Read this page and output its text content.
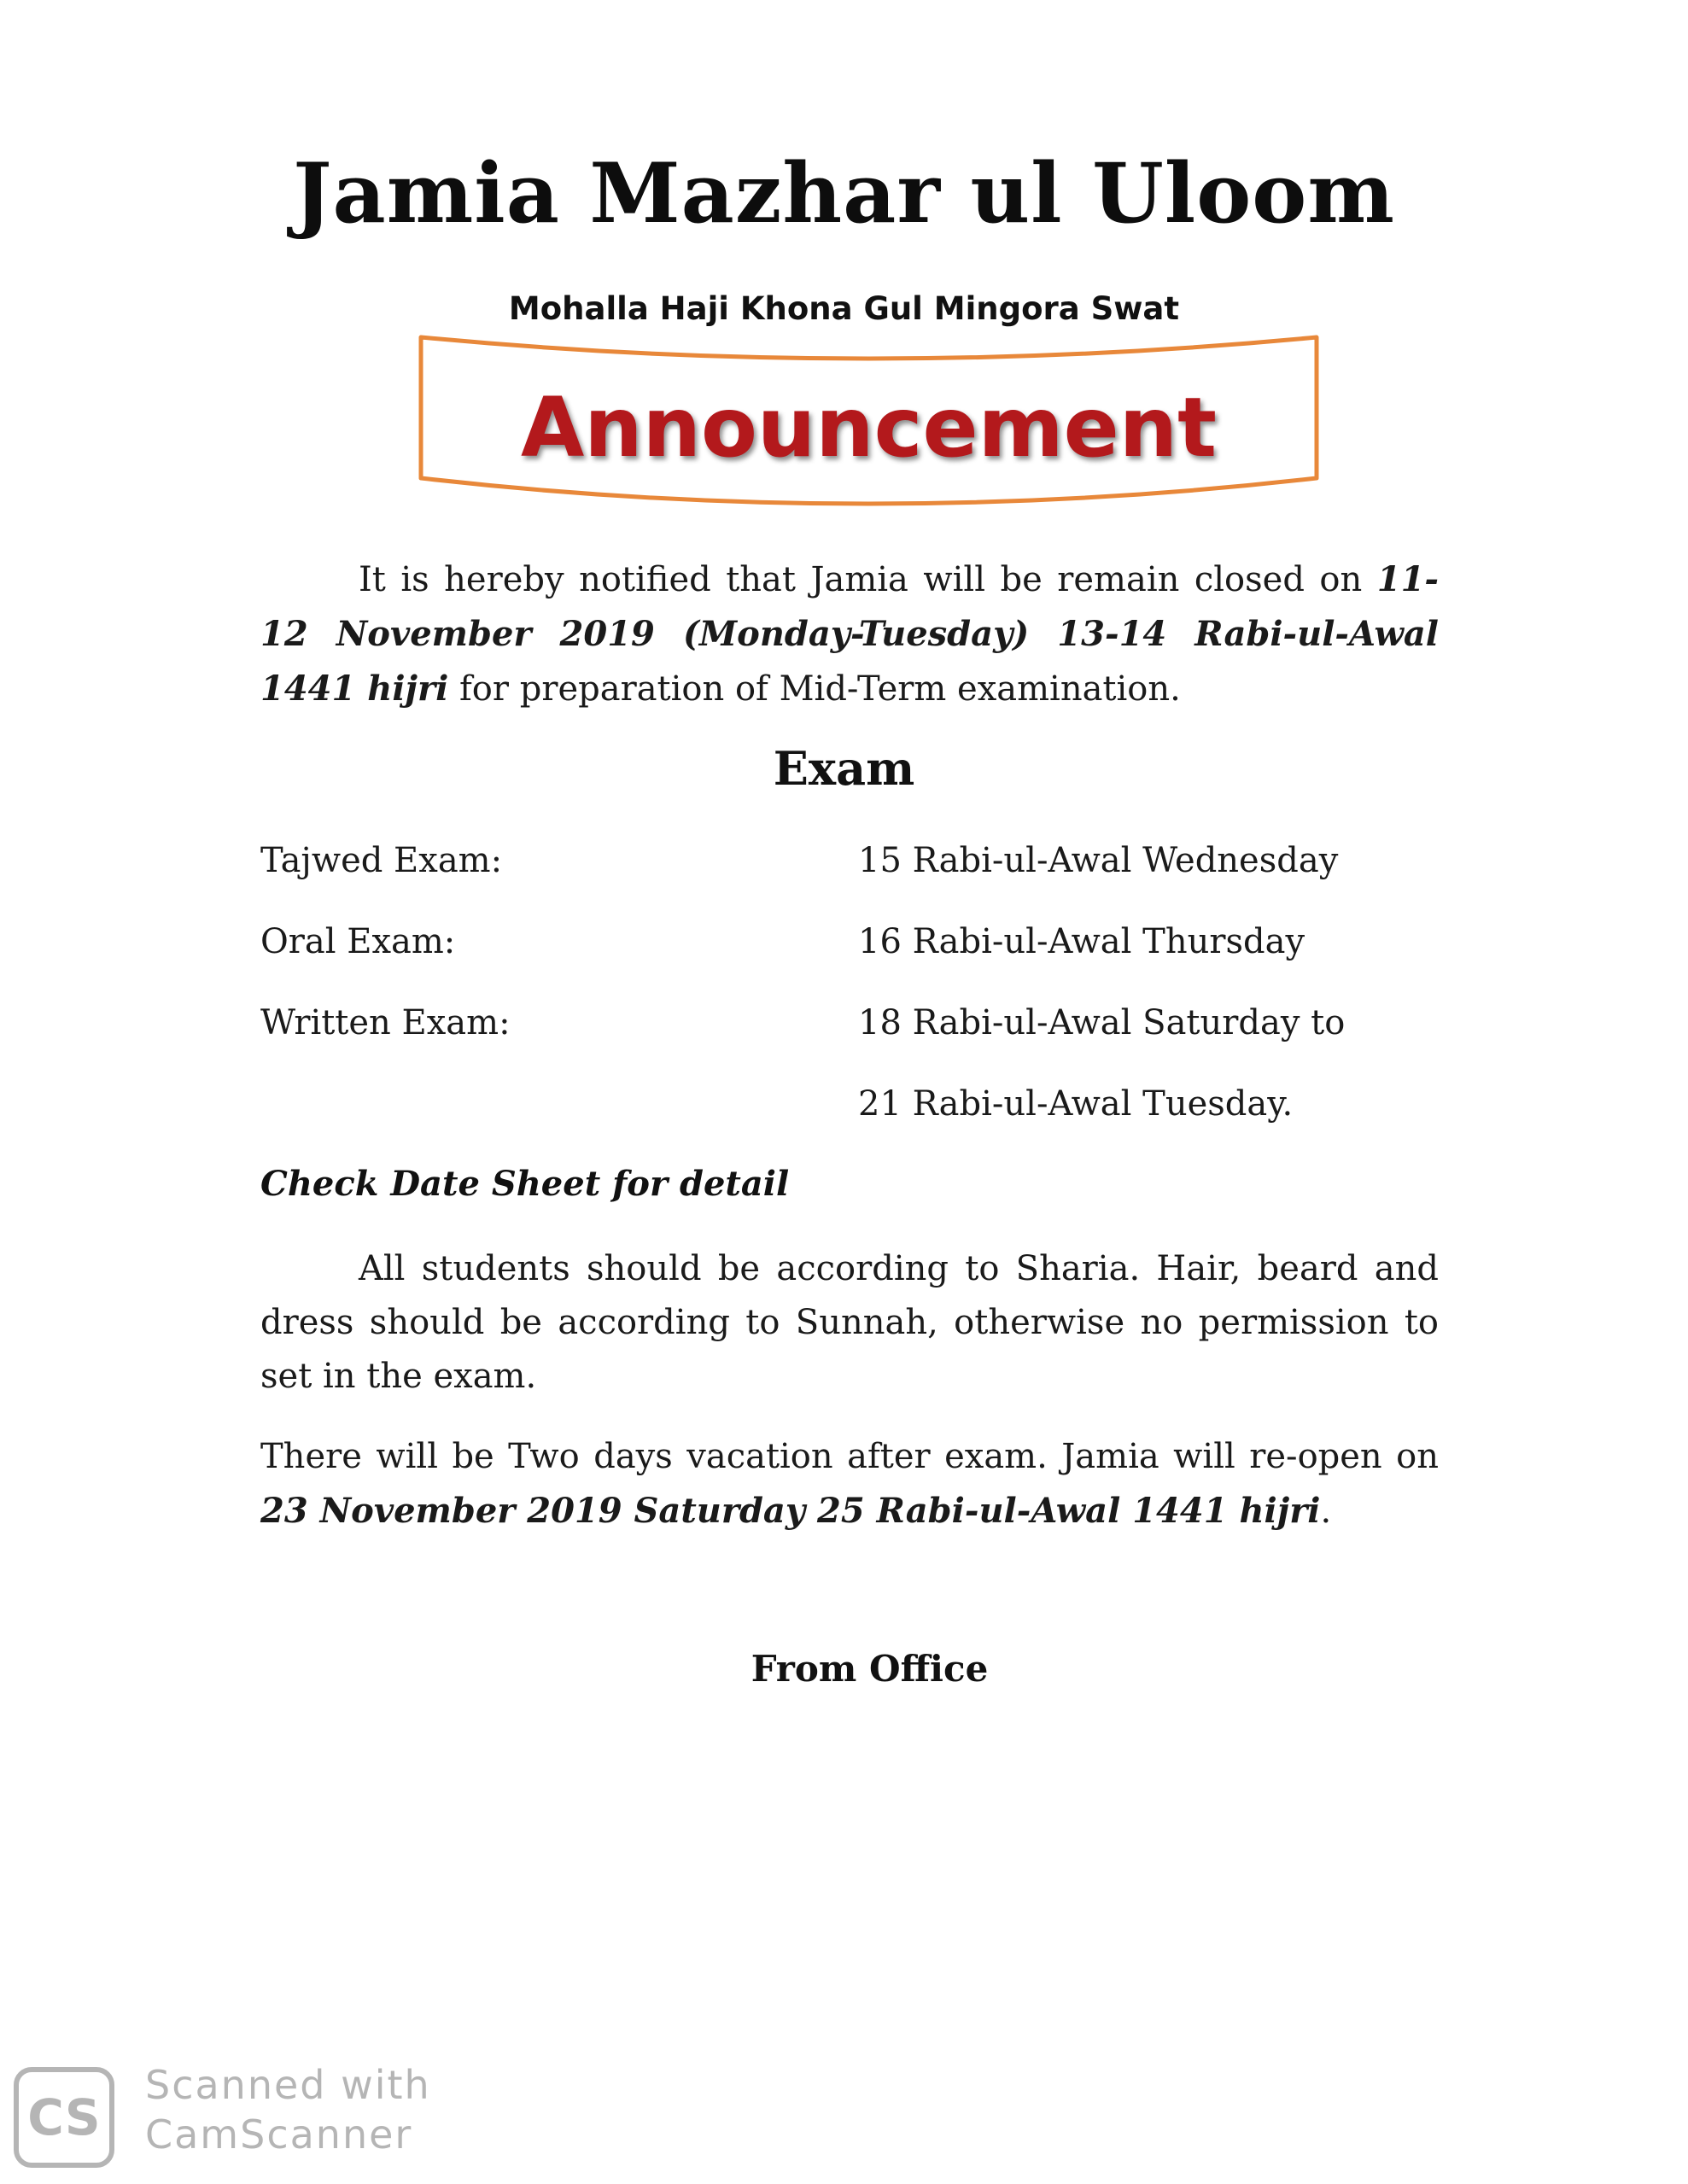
Jamia Mazhar ul Uloom
Mohalla Haji Khona Gul Mingora Swat
Announcement
It is hereby notified that Jamia will be remain closed on 11-12 November 2019 (Monday-Tuesday) 13-14 Rabi-ul-Awal 1441 hijri for preparation of Mid-Term examination.
Exam
Tajwed Exam:	15 Rabi-ul-Awal Wednesday
Oral Exam:	16 Rabi-ul-Awal Thursday
Written Exam:	18 Rabi-ul-Awal Saturday to
21 Rabi-ul-Awal Tuesday.
Check Date Sheet for detail
All students should be according to Sharia. Hair, beard and dress should be according to Sunnah, otherwise no permission to set in the exam.
There will be Two days vacation after exam. Jamia will re-open on 23 November 2019 Saturday 25 Rabi-ul-Awal 1441 hijri.
From Office
CS
Scanned with
CamScanner
